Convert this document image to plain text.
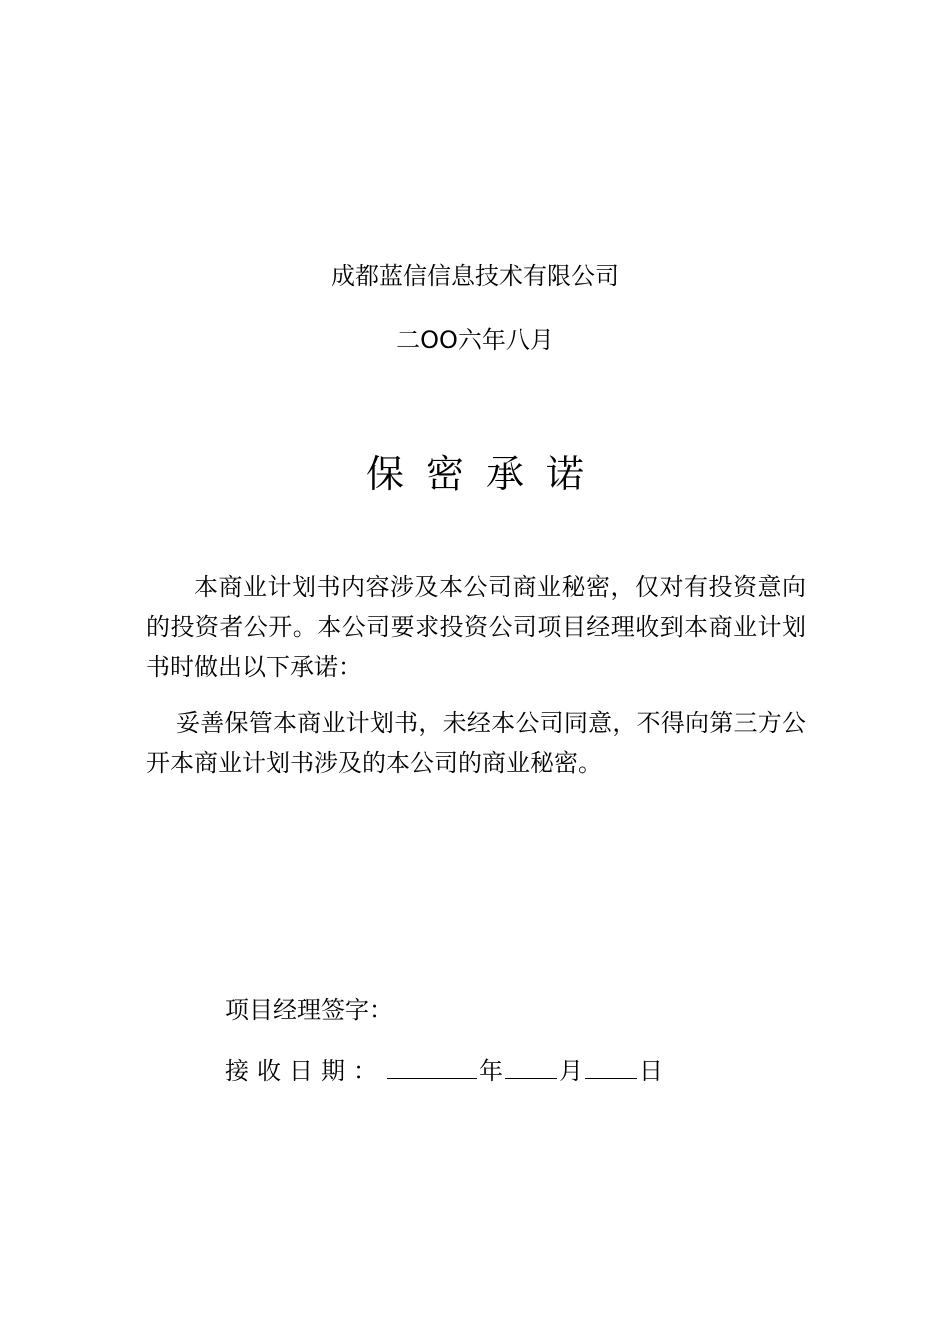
成都蓝信信息技术有限公司
二OO六年八月
保密承诺
本商业计划书内容涉及本公司商业秘密，仅对有投资意向的投资者公开。本公司要求投资公司项目经理收到本商业计划书时做出以下承诺：
妥善保管本商业计划书，未经本公司同意，不得向第三方公开本商业计划书涉及的本公司的商业秘密。
项目经理签字：
接收日期：	年 月 日
